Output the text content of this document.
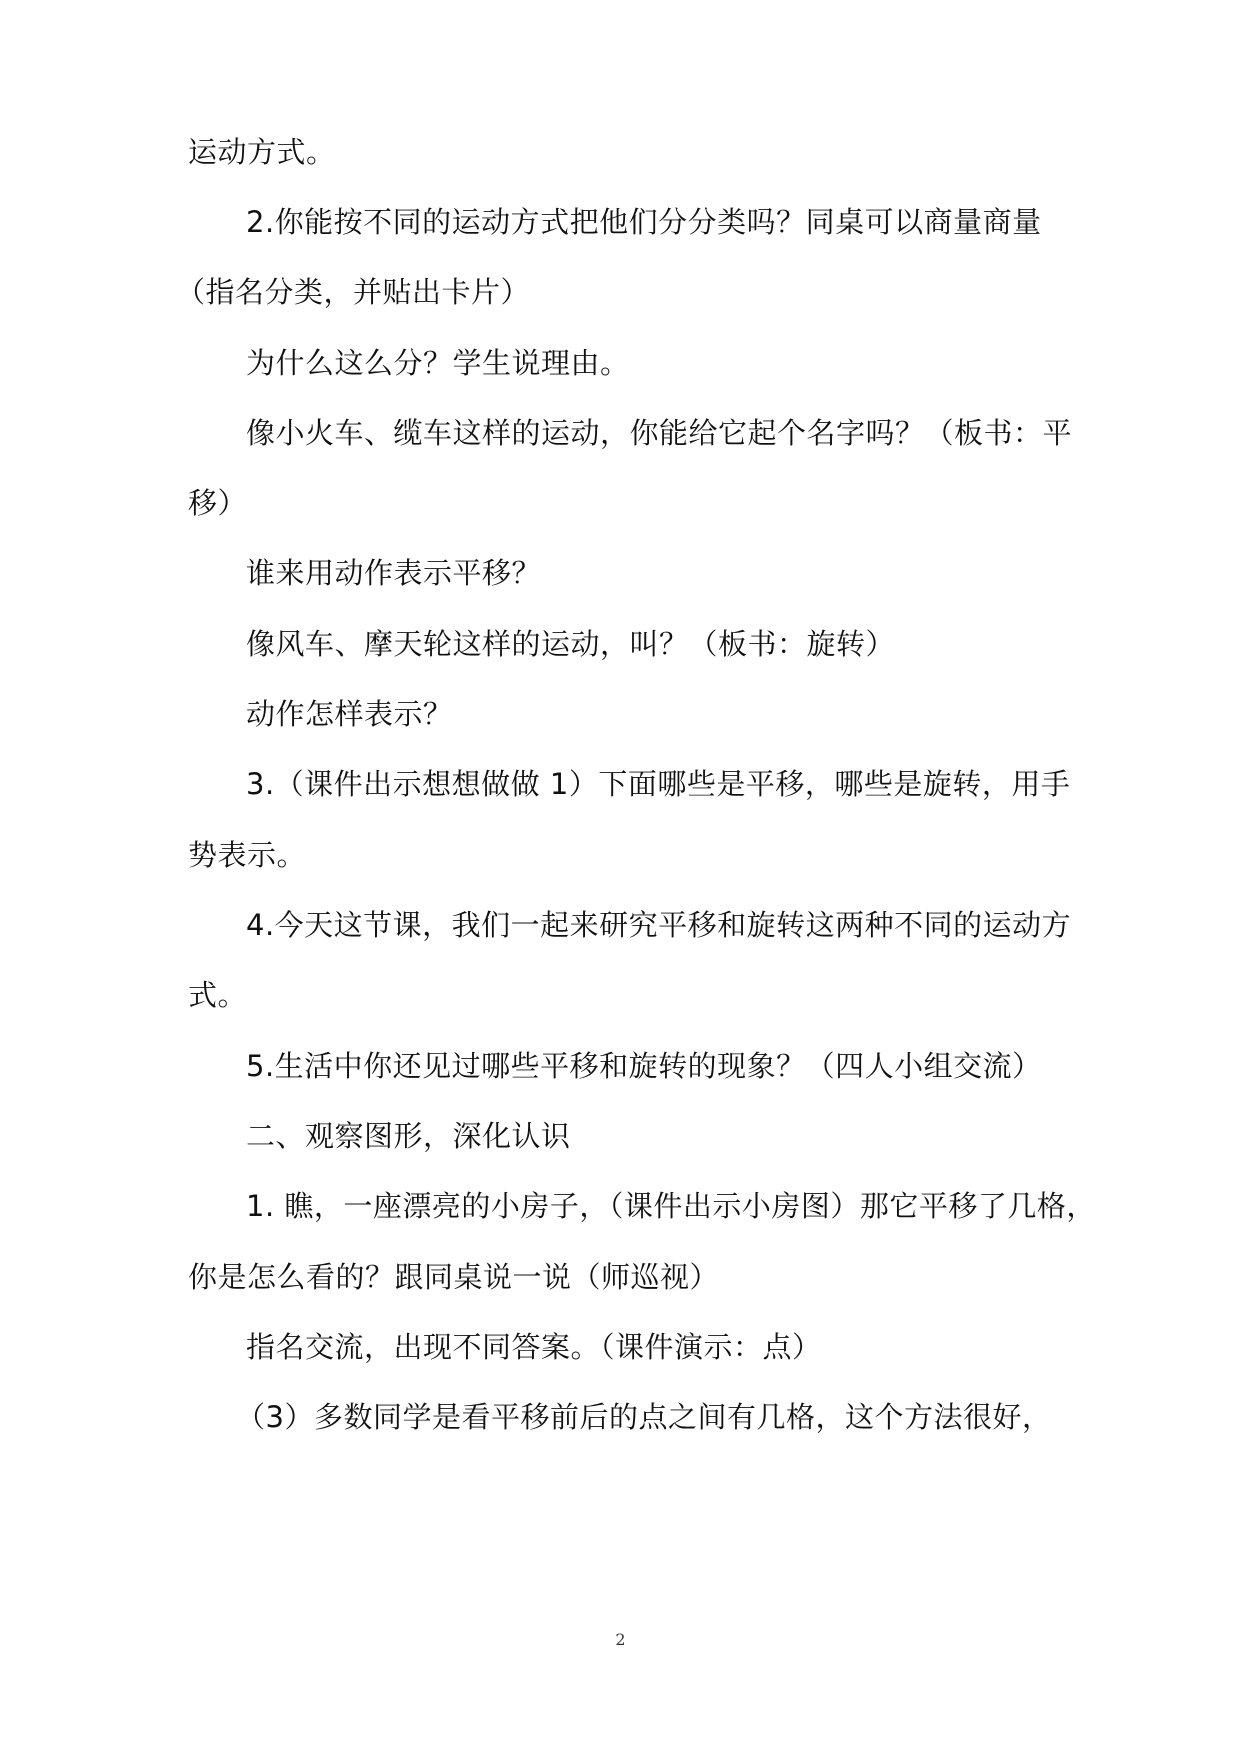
运动方式。
2.你能按不同的运动方式把他们分分类吗？同桌可以商量商量
（指名分类，并贴出卡片）
为什么这么分？学生说理由。
像小火车、缆车这样的运动，你能给它起个名字吗？（板书：平
移）
谁来用动作表示平移？
像风车、摩天轮这样的运动，叫？（板书：旋转）
动作怎样表示？
3.（课件出示想想做做 1）下面哪些是平移，哪些是旋转，用手
势表示。
4.今天这节课，我们一起来研究平移和旋转这两种不同的运动方
式。
5.生活中你还见过哪些平移和旋转的现象？（四人小组交流）
二、观察图形，深化认识
1. 瞧，一座漂亮的小房子，（课件出示小房图）那它平移了几格，
你是怎么看的？跟同桌说一说（师巡视）
指名交流，出现不同答案。（课件演示：点）
（3）多数同学是看平移前后的点之间有几格，这个方法很好，
2
